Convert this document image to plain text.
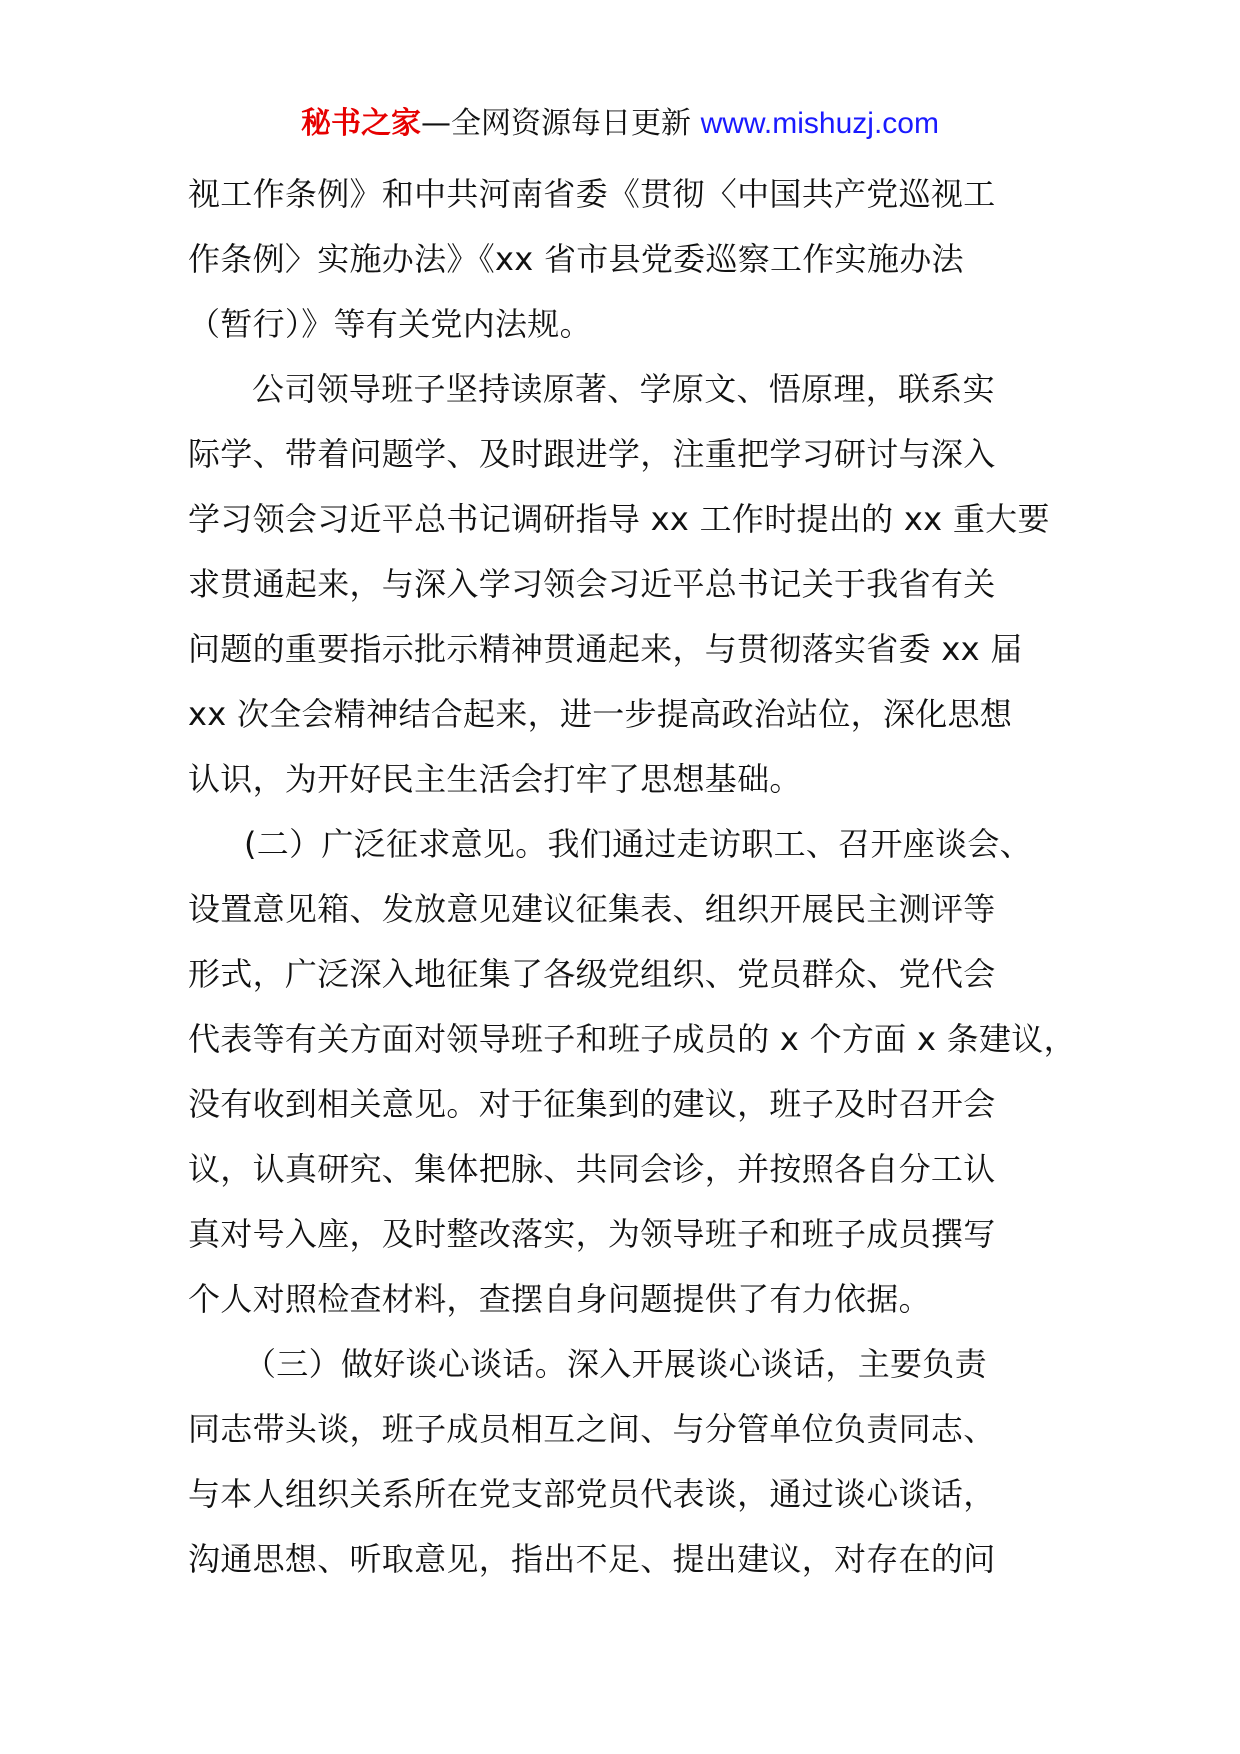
秘书之家—全网资源每日更新 www.mishuzj.com
视工作条例》和中共河南省委《贯彻〈中国共产党巡视工
作条例〉实施办法》《xx 省市县党委巡察工作实施办法
（暂行）》等有关党内法规。
公司领导班子坚持读原著、学原文、悟原理，联系实
际学、带着问题学、及时跟进学，注重把学习研讨与深入
学习领会习近平总书记调研指导 xx 工作时提出的 xx 重大要
求贯通起来，与深入学习领会习近平总书记关于我省有关
问题的重要指示批示精神贯通起来，与贯彻落实省委 xx 届
xx 次全会精神结合起来，进一步提高政治站位，深化思想
认识，为开好民主生活会打牢了思想基础。
(二）广泛征求意见。我们通过走访职工、召开座谈会、
设置意见箱、发放意见建议征集表、组织开展民主测评等
形式，广泛深入地征集了各级党组织、党员群众、党代会
代表等有关方面对领导班子和班子成员的 x 个方面 x 条建议，
没有收到相关意见。对于征集到的建议，班子及时召开会
议，认真研究、集体把脉、共同会诊，并按照各自分工认
真对号入座，及时整改落实，为领导班子和班子成员撰写
个人对照检查材料，查摆自身问题提供了有力依据。
（三）做好谈心谈话。深入开展谈心谈话，主要负责
同志带头谈，班子成员相互之间、与分管单位负责同志、
与本人组织关系所在党支部党员代表谈，通过谈心谈话，
沟通思想、听取意见，指出不足、提出建议，对存在的问
